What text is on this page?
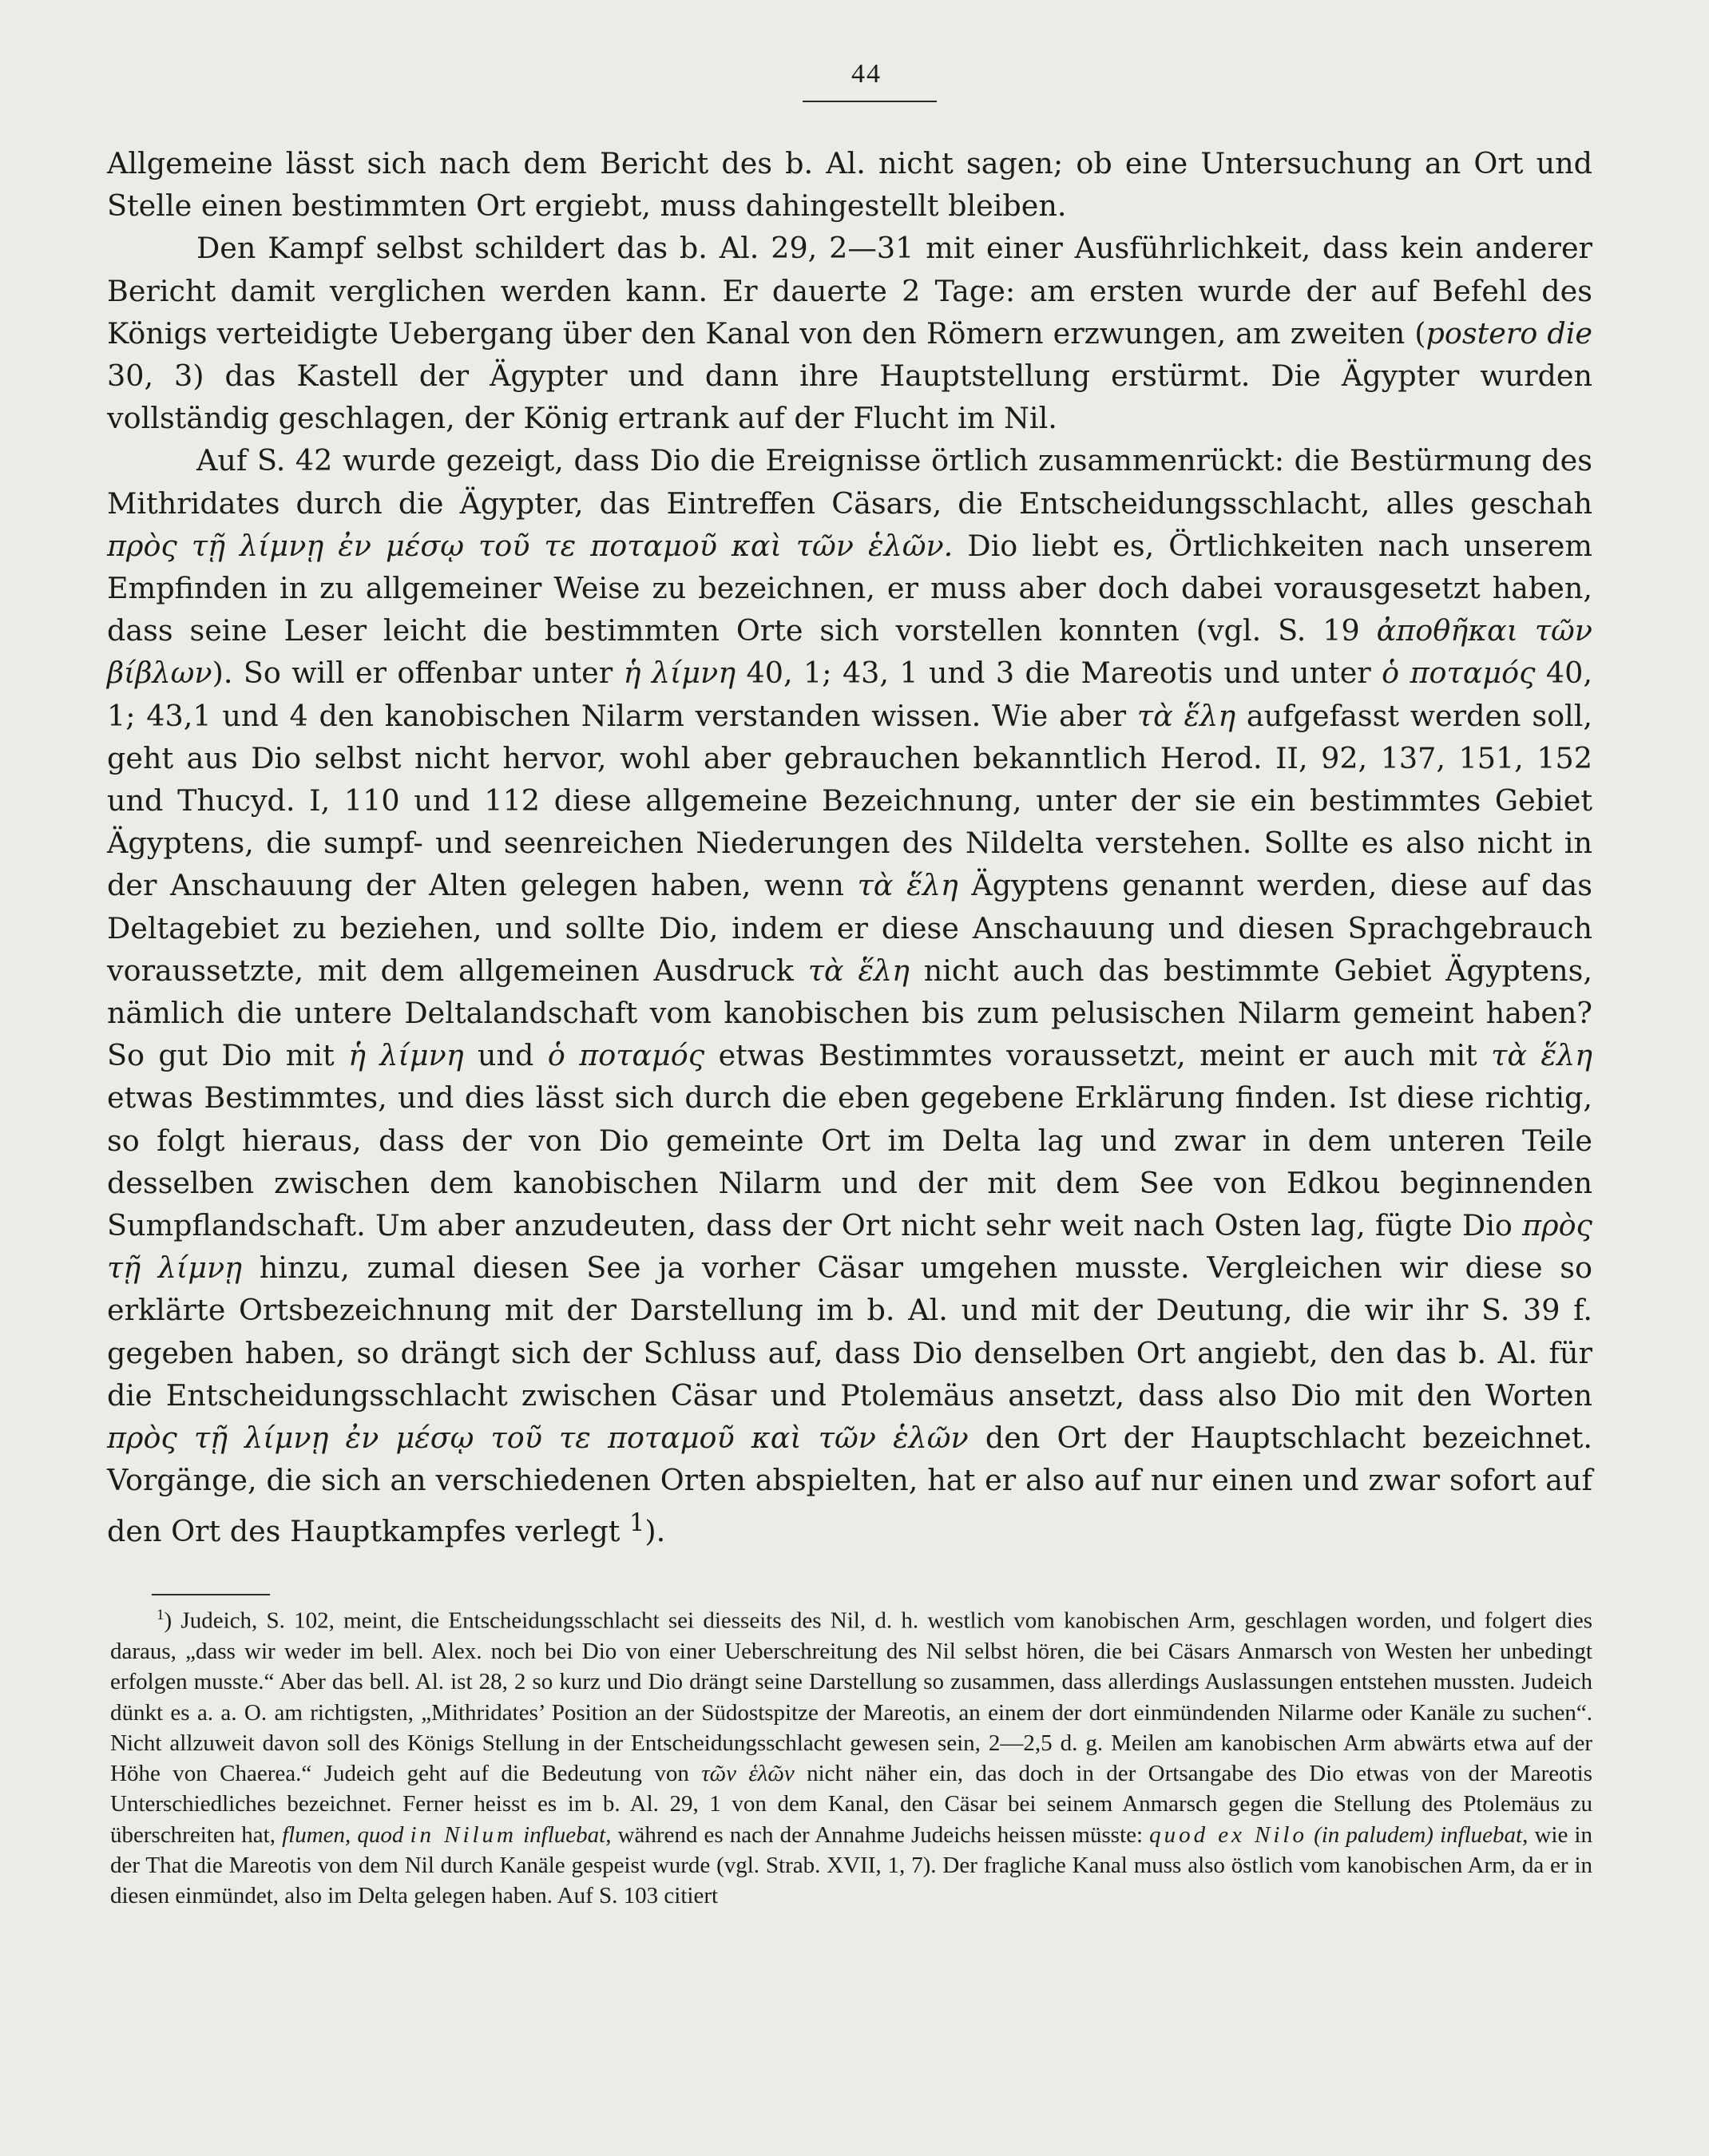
44

Allgemeine lässt sich nach dem Bericht des b. Al. nicht sagen; ob eine Untersuchung an Ort und Stelle einen bestimmten Ort ergiebt, muss dahingestellt bleiben.

Den Kampf selbst schildert das b. Al. 29, 2—31 mit einer Ausführlichkeit, dass kein anderer Bericht damit verglichen werden kann. Er dauerte 2 Tage: am ersten wurde der auf Befehl des Königs verteidigte Uebergang über den Kanal von den Römern erzwungen, am zweiten (postero die 30, 3) das Kastell der Ägypter und dann ihre Hauptstellung erstürmt. Die Ägypter wurden vollständig geschlagen, der König ertrank auf der Flucht im Nil.

Auf S. 42 wurde gezeigt, dass Dio die Ereignisse örtlich zusammenrückt: die Bestürmung des Mithridates durch die Ägypter, das Eintreffen Cäsars, die Entscheidungsschlacht, alles geschah πρὸς τῇ λίμνῃ ἐν μέσῳ τοῦ τε ποταμοῦ καὶ τῶν ἑλῶν. Dio liebt es, Örtlichkeiten nach unserem Empfinden in zu allgemeiner Weise zu bezeichnen, er muss aber doch dabei vorausgesetzt haben, dass seine Leser leicht die bestimmten Orte sich vorstellen konnten (vgl. S. 19 ἀποθῆκαι τῶν βίβλων). So will er offenbar unter ἡ λίμνη 40, 1; 43, 1 und 3 die Mareotis und unter ὁ ποταμός 40, 1; 43,1 und 4 den kanobischen Nilarm verstanden wissen. Wie aber τὰ ἕλη aufgefasst werden soll, geht aus Dio selbst nicht hervor, wohl aber gebrauchen bekanntlich Herod. II, 92, 137, 151, 152 und Thucyd. I, 110 und 112 diese allgemeine Bezeichnung, unter der sie ein bestimmtes Gebiet Ägyptens, die sumpf- und seenreichen Niederungen des Nildelta verstehen. Sollte es also nicht in der Anschauung der Alten gelegen haben, wenn τὰ ἕλη Ägyptens genannt werden, diese auf das Deltagebiet zu beziehen, und sollte Dio, indem er diese Anschauung und diesen Sprachgebrauch voraussetzte, mit dem allgemeinen Ausdruck τὰ ἕλη nicht auch das bestimmte Gebiet Ägyptens, nämlich die untere Deltalandschaft vom kanobischen bis zum pelusischen Nilarm gemeint haben? So gut Dio mit ἡ λίμνη und ὁ ποταμός etwas Bestimmtes voraussetzt, meint er auch mit τὰ ἕλη etwas Bestimmtes, und dies lässt sich durch die eben gegebene Erklärung finden. Ist diese richtig, so folgt hieraus, dass der von Dio gemeinte Ort im Delta lag und zwar in dem unteren Teile desselben zwischen dem kanobischen Nilarm und der mit dem See von Edkou beginnenden Sumpflandschaft. Um aber anzudeuten, dass der Ort nicht sehr weit nach Osten lag, fügte Dio πρὸς τῇ λίμνῃ hinzu, zumal diesen See ja vorher Cäsar umgehen musste. Vergleichen wir diese so erklärte Ortsbezeichnung mit der Darstellung im b. Al. und mit der Deutung, die wir ihr S. 39 f. gegeben haben, so drängt sich der Schluss auf, dass Dio denselben Ort angiebt, den das b. Al. für die Entscheidungsschlacht zwischen Cäsar und Ptolemäus ansetzt, dass also Dio mit den Worten πρὸς τῇ λίμνῃ ἐν μέσῳ τοῦ τε ποταμοῦ καὶ τῶν ἑλῶν den Ort der Hauptschlacht bezeichnet. Vorgänge, die sich an verschiedenen Orten abspielten, hat er also auf nur einen und zwar sofort auf den Ort des Hauptkampfes verlegt $^1$).

$^1$) Judeich, S. 102, meint, die Entscheidungsschlacht sei diesseits des Nil, d. h. westlich vom kanobischen Arm, geschlagen worden, und folgert dies daraus, „dass wir weder im bell. Alex. noch bei Dio von einer Ueberschreitung des Nil selbst hören, die bei Cäsars Anmarsch von Westen her unbedingt erfolgen musste.“ Aber das bell. Al. ist 28, 2 so kurz und Dio drängt seine Darstellung so zusammen, dass allerdings Auslassungen entstehen mussten. Judeich dünkt es a. a. O. am richtigsten, „Mithridates’ Position an der Südostspitze der Mareotis, an einem der dort einmündenden Nilarme oder Kanäle zu suchen“. Nicht allzuweit davon soll des Königs Stellung in der Entscheidungsschlacht gewesen sein, 2—2,5 d. g. Meilen am kanobischen Arm abwärts etwa auf der Höhe von Chaerea.“ Judeich geht auf die Bedeutung von τῶν ἑλῶν nicht näher ein, das doch in der Ortsangabe des Dio etwas von der Mareotis Unterschiedliches bezeichnet. Ferner heisst es im b. Al. 29, 1 von dem Kanal, den Cäsar bei seinem Anmarsch gegen die Stellung des Ptolemäus zu überschreiten hat, flumen, quod in Nilum influebat, während es nach der Annahme Judeichs heissen müsste: quod ex Nilo (in paludem) influebat, wie in der That die Mareotis von dem Nil durch Kanäle gespeist wurde (vgl. Strab. XVII, 1, 7). Der fragliche Kanal muss also östlich vom kanobischen Arm, da er in diesen einmündet, also im Delta gelegen haben. Auf S. 103 citiert
